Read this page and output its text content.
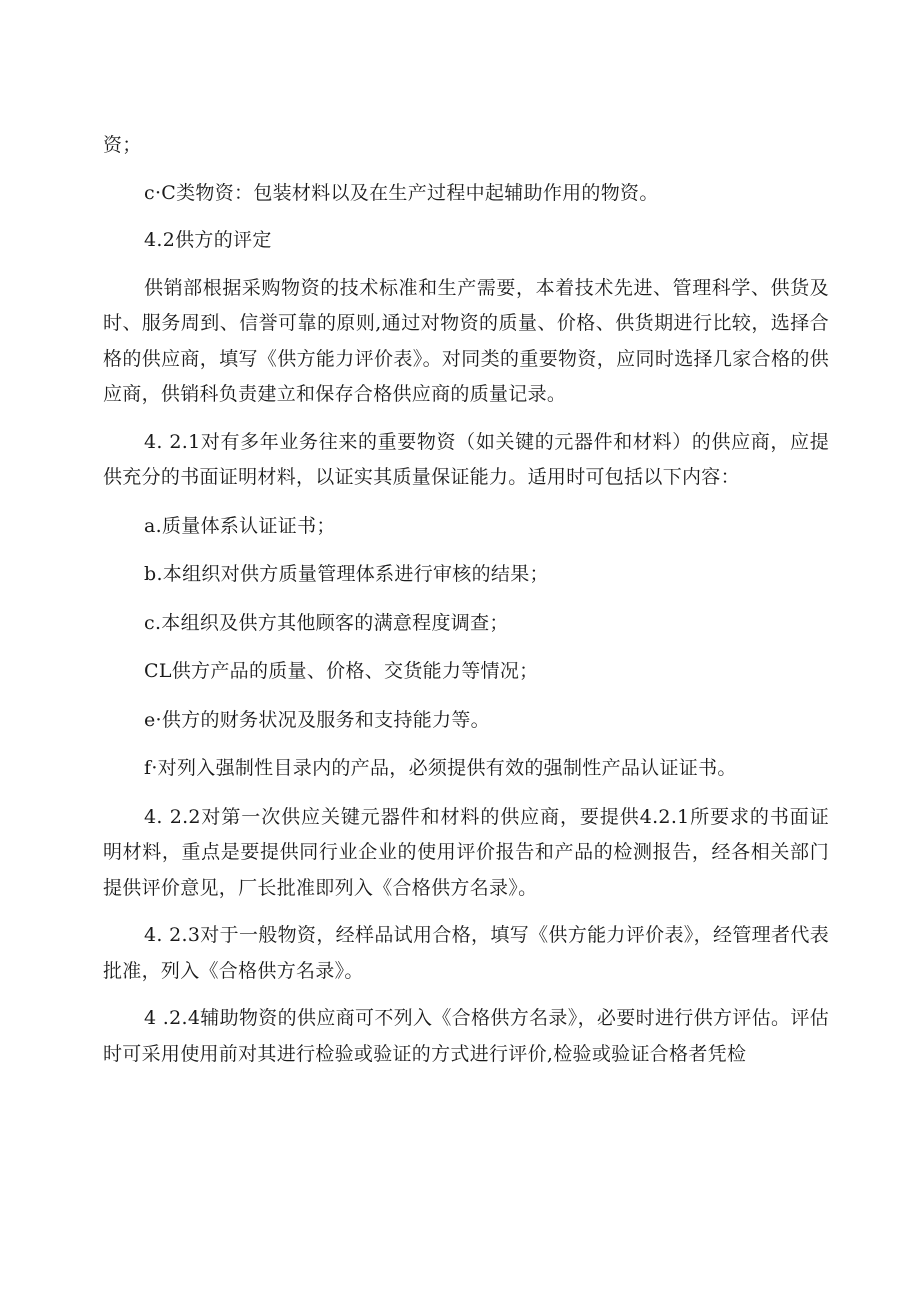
资；

c·C类物资：包装材料以及在生产过程中起辅助作用的物资。

4.2供方的评定

供销部根据采购物资的技术标准和生产需要，本着技术先进、管理科学、供货及时、服务周到、信誉可靠的原则,通过对物资的质量、价格、供货期进行比较，选择合格的供应商，填写《供方能力评价表》。对同类的重要物资，应同时选择几家合格的供应商，供销科负责建立和保存合格供应商的质量记录。

4. 2.1对有多年业务往来的重要物资（如关键的元器件和材料）的供应商，应提供充分的书面证明材料，以证实其质量保证能力。适用时可包括以下内容：

a.质量体系认证证书；

b.本组织对供方质量管理体系进行审核的结果；

c.本组织及供方其他顾客的满意程度调查；

CL供方产品的质量、价格、交货能力等情况；

e·供方的财务状况及服务和支持能力等。

f·对列入强制性目录内的产品，必须提供有效的强制性产品认证证书。

4. 2.2对第一次供应关键元器件和材料的供应商，要提供4.2.1所要求的书面证明材料，重点是要提供同行业企业的使用评价报告和产品的检测报告，经各相关部门提供评价意见，厂长批准即列入《合格供方名录》。

4. 2.3对于一般物资，经样品试用合格，填写《供方能力评价表》，经管理者代表批准，列入《合格供方名录》。

4 .2.4辅助物资的供应商可不列入《合格供方名录》，必要时进行供方评估。评估时可采用使用前对其进行检验或验证的方式进行评价,检验或验证合格者凭检
